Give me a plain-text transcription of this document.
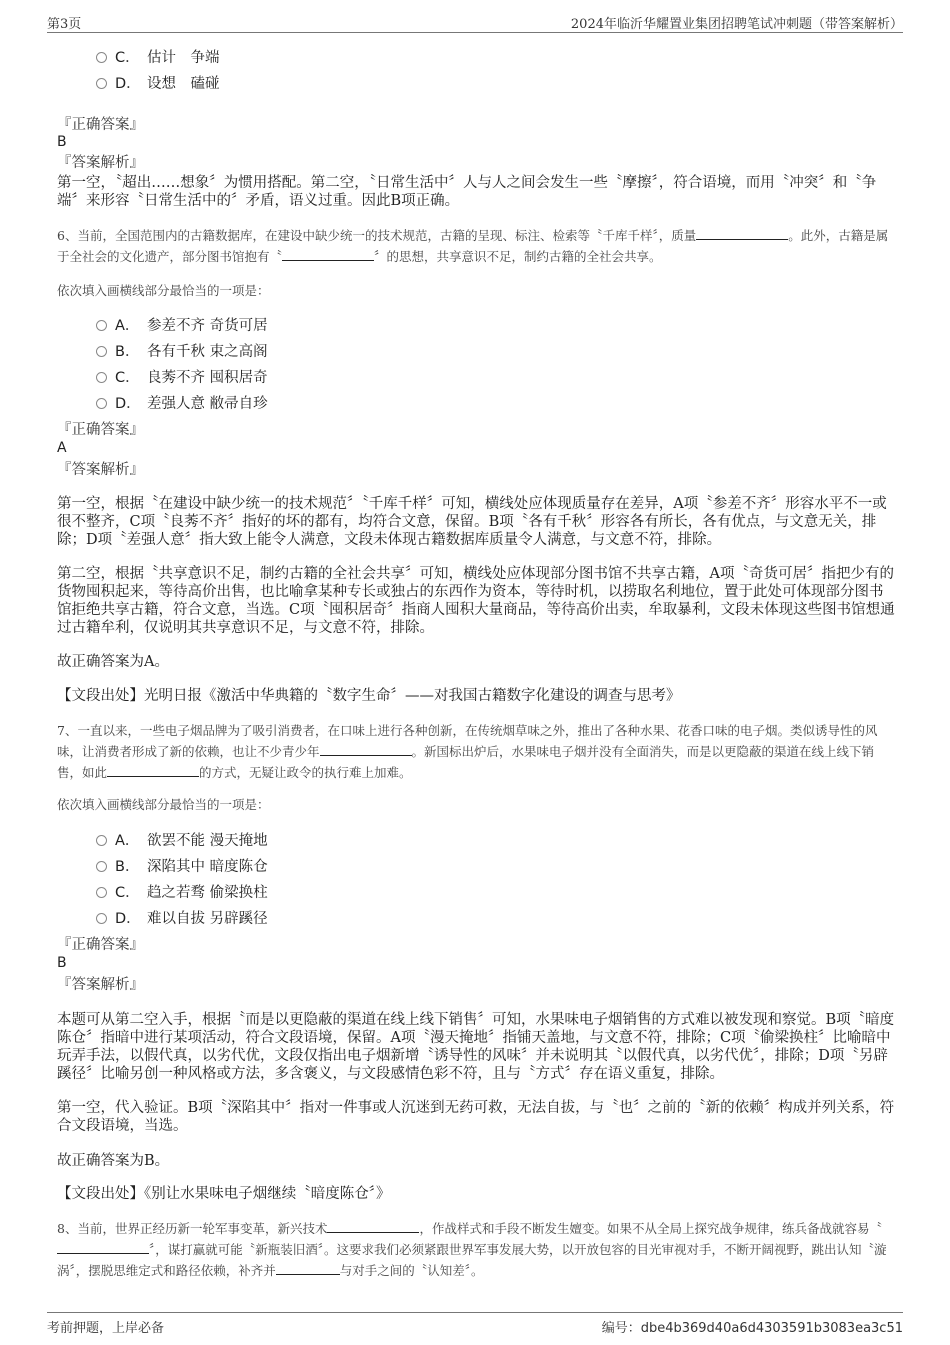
第3页	2024年临沂华耀置业集团招聘笔试冲刺题（带答案解析）
C． 估计　争端
D． 设想　磕碰
『正确答案』
B
『答案解析』
第一空，〝超出……想象〞为惯用搭配。第二空，〝日常生活中〞人与人之间会发生一些〝摩擦〞，符合语境，而用〝冲突〞和〝争端〞来形容〝日常生活中的〞矛盾，语义过重。因此B项正确。
6、当前，全国范围内的古籍数据库，在建设中缺少统一的技术规范，古籍的呈现、标注、检索等〝千库千样〞，质量	。此外，古籍是属于全社会的文化遗产，部分图书馆抱有〝	〞的思想，共享意识不足，制约古籍的全社会共享。
依次填入画横线部分最恰当的一项是：
A． 参差不齐 奇货可居
B． 各有千秋 束之高阁
C． 良莠不齐 囤积居奇
D． 差强人意 敝帚自珍
『正确答案』
A
『答案解析』
第一空，根据〝在建设中缺少统一的技术规范〞〝千库千样〞可知，横线处应体现质量存在差异，A项〝参差不齐〞形容水平不一或很不整齐，C项〝良莠不齐〞指好的坏的都有，均符合文意，保留。B项〝各有千秋〞形容各有所长，各有优点，与文意无关，排除；D项〝差强人意〞指大致上能令人满意，文段未体现古籍数据库质量令人满意，与文意不符，排除。
第二空，根据〝共享意识不足，制约古籍的全社会共享〞可知，横线处应体现部分图书馆不共享古籍，A项〝奇货可居〞指把少有的货物囤积起来，等待高价出售，也比喻拿某种专长或独占的东西作为资本，等待时机，以捞取名利地位，置于此处可体现部分图书馆拒绝共享古籍，符合文意，当选。C项〝囤积居奇〞指商人囤积大量商品，等待高价出卖，牟取暴利，文段未体现这些图书馆想通过古籍牟利，仅说明其共享意识不足，与文意不符，排除。
故正确答案为A。
【文段出处】光明日报《激活中华典籍的〝数字生命〞——对我国古籍数字化建设的调查与思考》
7、一直以来，一些电子烟品牌为了吸引消费者，在口味上进行各种创新，在传统烟草味之外，推出了各种水果、花香口味的电子烟。类似诱导性的风味，让消费者形成了新的依赖，也让不少青少年	。新国标出炉后，水果味电子烟并没有全面消失，而是以更隐蔽的渠道在线上线下销售，如此	的方式，无疑让政令的执行难上加难。
依次填入画横线部分最恰当的一项是：
A． 欲罢不能 漫天掩地
B． 深陷其中 暗度陈仓
C． 趋之若骛 偷梁换柱
D． 难以自拔 另辟蹊径
『正确答案』
B
『答案解析』
本题可从第二空入手，根据〝而是以更隐蔽的渠道在线上线下销售〞可知，水果味电子烟销售的方式难以被发现和察觉。B项〝暗度陈仓〞指暗中进行某项活动，符合文段语境，保留。A项〝漫天掩地〞指铺天盖地，与文意不符，排除；C项〝偷梁换柱〞比喻暗中玩弄手法，以假代真，以劣代优，文段仅指出电子烟新增〝诱导性的风味〞并未说明其〝以假代真，以劣代优〞，排除；D项〝另辟蹊径〞比喻另创一种风格或方法，多含褒义，与文段感情色彩不符，且与〝方式〞存在语义重复，排除。
第一空，代入验证。B项〝深陷其中〞指对一件事或人沉迷到无药可救，无法自拔，与〝也〞之前的〝新的依赖〞构成并列关系，符合文段语境，当选。
故正确答案为B。
【文段出处】《别让水果味电子烟继续〝暗度陈仓〞》
8、当前，世界正经历新一轮军事变革，新兴技术	，作战样式和手段不断发生嬗变。如果不从全局上探究战争规律，练兵备战就容易〝〞，谋打赢就可能〝新瓶装旧酒〞。这要求我们必须紧跟世界军事发展大势，以开放包容的目光审视对手，不断开阔视野，跳出认知〝漩涡〞，摆脱思维定式和路径依赖，补齐并	与对手之间的〝认知差〞。
考前押题，上岸必备	编号：dbe4b369d40a6d4303591b3083ea3c51
